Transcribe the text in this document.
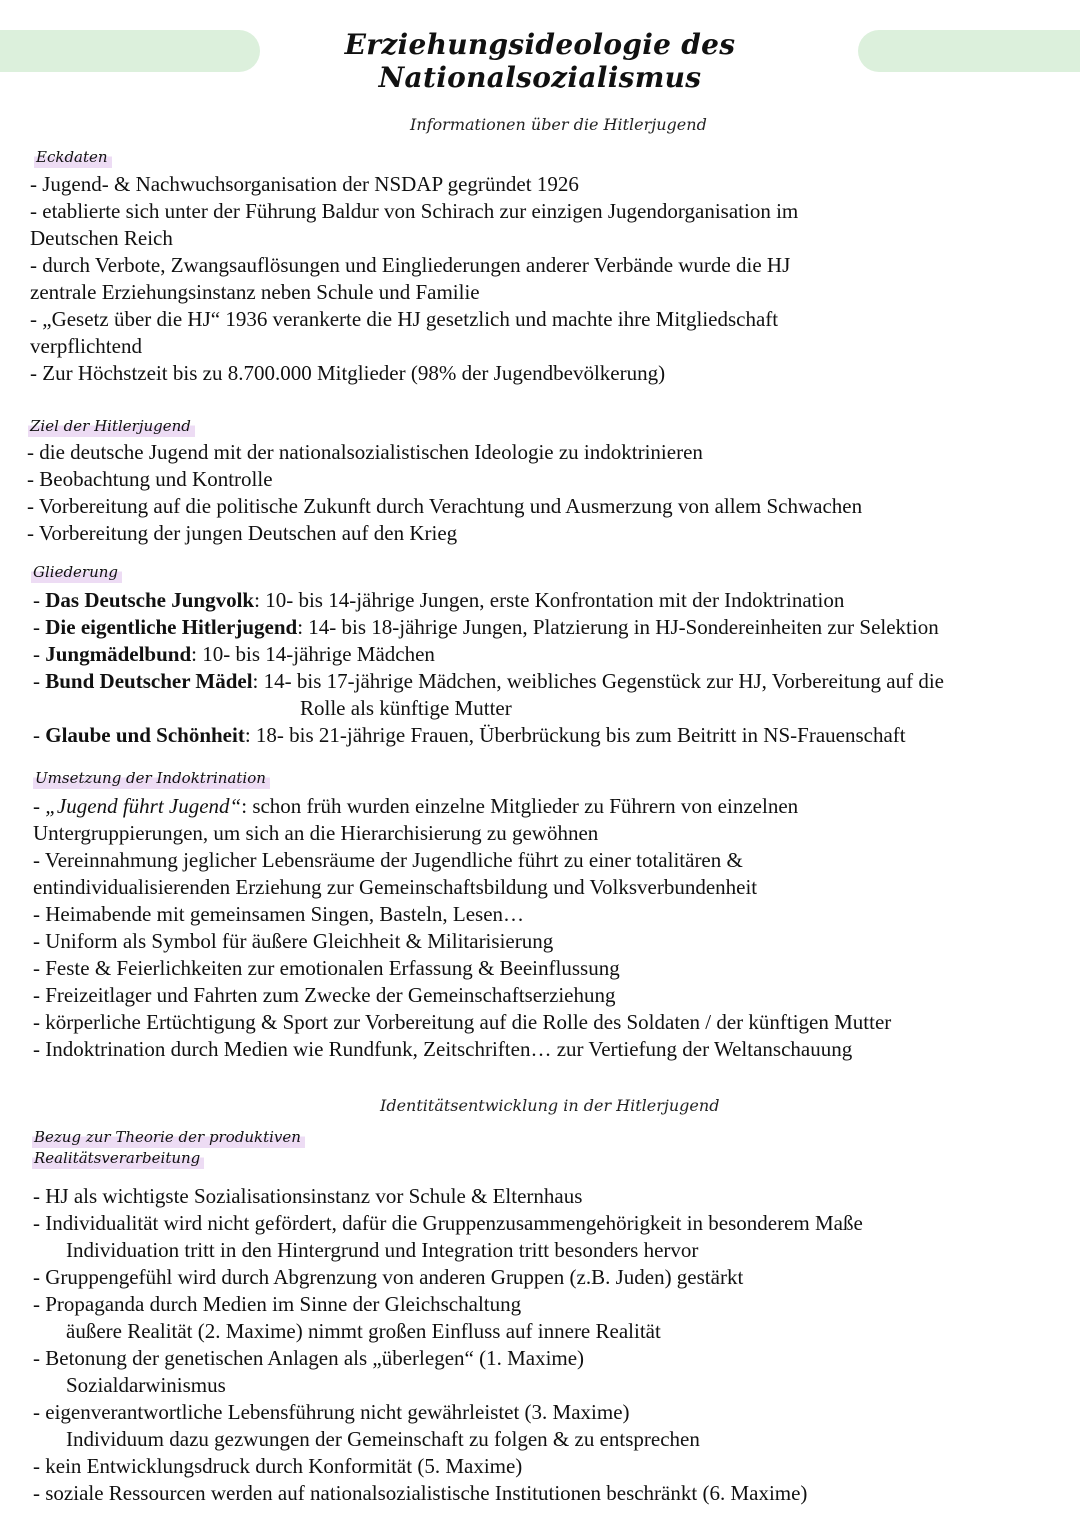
Erziehungsideologie des Nationalsozialismus
Informationen über die Hitlerjugend
Eckdaten
- Jugend- & Nachwuchsorganisation der NSDAP gegründet 1926
- etablierte sich unter der Führung Baldur von Schirach zur einzigen Jugendorganisation im
Deutschen Reich
- durch Verbote, Zwangsauflösungen und Eingliederungen anderer Verbände wurde die HJ
zentrale Erziehungsinstanz neben Schule und Familie
- „Gesetz über die HJ“ 1936 verankerte die HJ gesetzlich und machte ihre Mitgliedschaft
verpflichtend
- Zur Höchstzeit bis zu 8.700.000 Mitglieder (98% der Jugendbevölkerung)
Ziel der Hitlerjugend
- die deutsche Jugend mit der nationalsozialistischen Ideologie zu indoktrinieren
- Beobachtung und Kontrolle
- Vorbereitung auf die politische Zukunft durch Verachtung und Ausmerzung von allem Schwachen
- Vorbereitung der jungen Deutschen auf den Krieg
Gliederung
- Das Deutsche Jungvolk: 10- bis 14-jährige Jungen, erste Konfrontation mit der Indoktrination
- Die eigentliche Hitlerjugend: 14- bis 18-jährige Jungen, Platzierung in HJ-Sondereinheiten zur Selektion
- Jungmädelbund: 10- bis 14-jährige Mädchen
- Bund Deutscher Mädel: 14- bis 17-jährige Mädchen, weibliches Gegenstück zur HJ, Vorbereitung auf die
Rolle als künftige Mutter
- Glaube und Schönheit: 18- bis 21-jährige Frauen, Überbrückung bis zum Beitritt in NS-Frauenschaft
Umsetzung der Indoktrination
- „Jugend führt Jugend“: schon früh wurden einzelne Mitglieder zu Führern von einzelnen
Untergruppierungen, um sich an die Hierarchisierung zu gewöhnen
- Vereinnahmung jeglicher Lebensräume der Jugendliche führt zu einer totalitären &
entindividualisierenden Erziehung zur Gemeinschaftsbildung und Volksverbundenheit
- Heimabende mit gemeinsamen Singen, Basteln, Lesen…
- Uniform als Symbol für äußere Gleichheit & Militarisierung
- Feste & Feierlichkeiten zur emotionalen Erfassung & Beeinflussung
- Freizeitlager und Fahrten zum Zwecke der Gemeinschaftserziehung
- körperliche Ertüchtigung & Sport zur Vorbereitung auf die Rolle des Soldaten / der künftigen Mutter
- Indoktrination durch Medien wie Rundfunk, Zeitschriften… zur Vertiefung der Weltanschauung
Identitätsentwicklung in der Hitlerjugend
Bezug zur Theorie der produktiven
Realitätsverarbeitung
- HJ als wichtigste Sozialisationsinstanz vor Schule & Elternhaus
- Individualität wird nicht gefördert, dafür die Gruppenzusammengehörigkeit in besonderem Maße
Individuation tritt in den Hintergrund und Integration tritt besonders hervor
- Gruppengefühl wird durch Abgrenzung von anderen Gruppen (z.B. Juden) gestärkt
- Propaganda durch Medien im Sinne der Gleichschaltung
äußere Realität (2. Maxime) nimmt großen Einfluss auf innere Realität
- Betonung der genetischen Anlagen als „überlegen“ (1. Maxime)
Sozialdarwinismus
- eigenverantwortliche Lebensführung nicht gewährleistet (3. Maxime)
Individuum dazu gezwungen der Gemeinschaft zu folgen & zu entsprechen
- kein Entwicklungsdruck durch Konformität (5. Maxime)
- soziale Ressourcen werden auf nationalsozialistische Institutionen beschränkt (6. Maxime)
